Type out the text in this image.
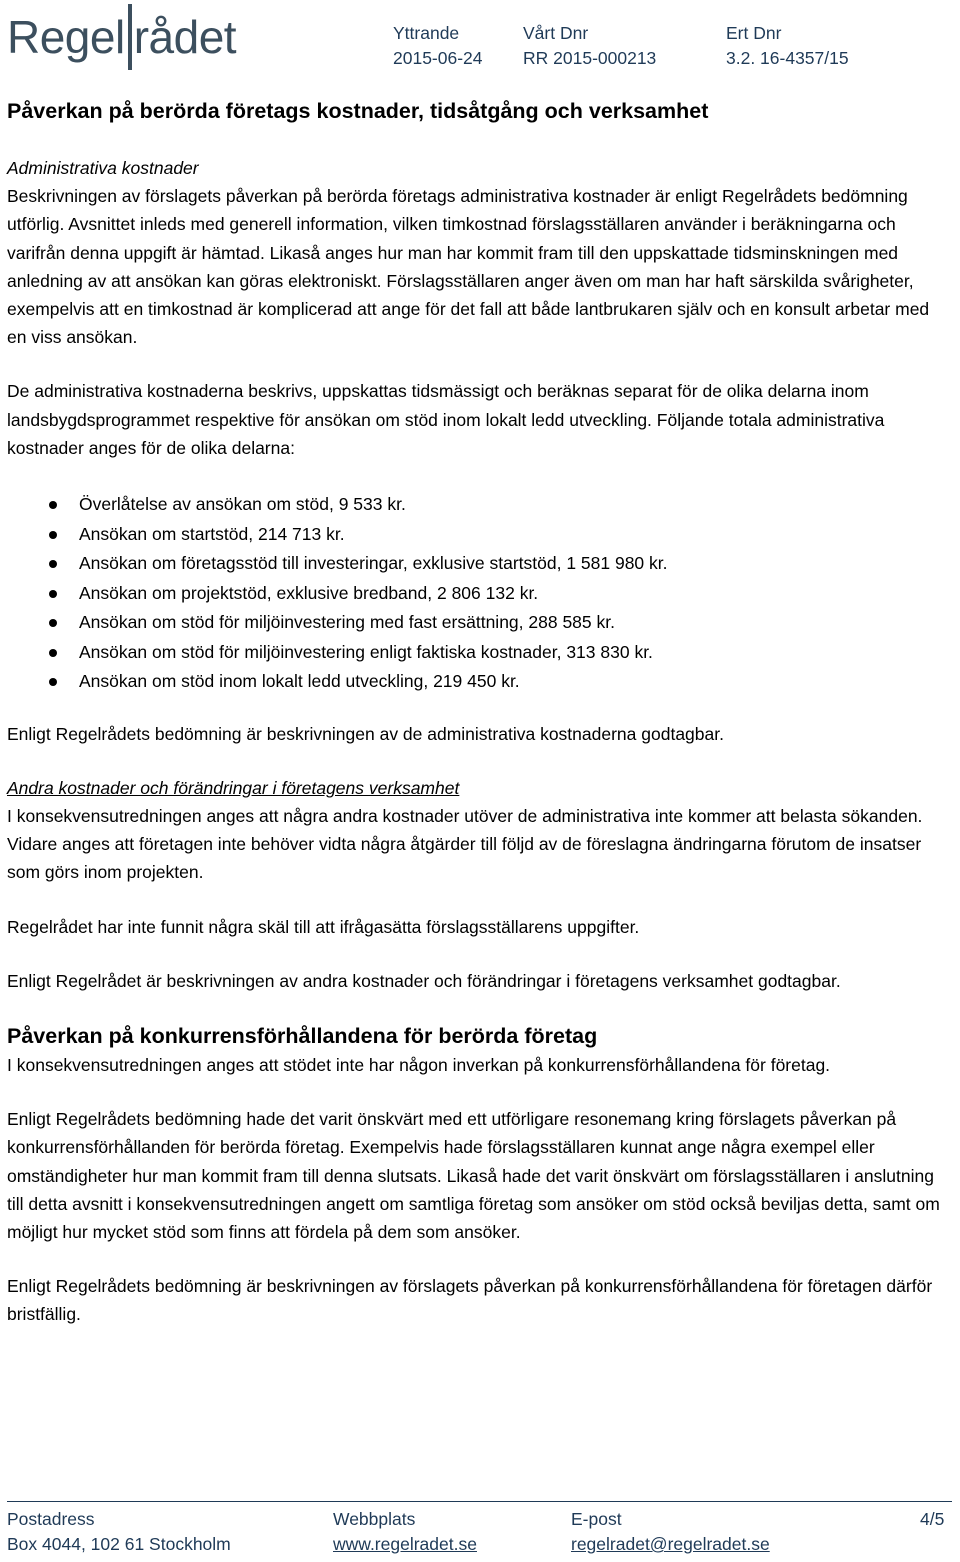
Regel rådet	Yttrande
2015-06-24
Vårt Dnr
RR 2015-000213
Ert Dnr
3.2. 16-4357/15
Påverkan på berörda företags kostnader, tidsåtgång och verksamhet

Administrativa kostnader

Beskrivningen av förslagets påverkan på berörda företags administrativa kostnader är enligt Regelrådets bedömning utförlig. Avsnittet inleds med generell information, vilken timkostnad förslagsställaren använder i beräkningarna och varifrån denna uppgift är hämtad. Likaså anges hur man har kommit fram till den uppskattade tidsminskningen med anledning av att ansökan kan göras elektroniskt. Förslagsställaren anger även om man har haft särskilda svårigheter, exempelvis att en timkostnad är komplicerad att ange för det fall att både lantbrukaren själv och en konsult arbetar med en viss ansökan.

De administrativa kostnaderna beskrivs, uppskattas tidsmässigt och beräknas separat för de olika delarna inom landsbygdsprogrammet respektive för ansökan om stöd inom lokalt ledd utveckling. Följande totala administrativa kostnader anges för de olika delarna:

Överlåtelse av ansökan om stöd, 9 533 kr.
Ansökan om startstöd, 214 713 kr.
Ansökan om företagsstöd till investeringar, exklusive startstöd, 1 581 980 kr.
Ansökan om projektstöd, exklusive bredband, 2 806 132 kr.
Ansökan om stöd för miljöinvestering med fast ersättning, 288 585 kr.
Ansökan om stöd för miljöinvestering enligt faktiska kostnader, 313 830 kr.
Ansökan om stöd inom lokalt ledd utveckling, 219 450 kr.

Enligt Regelrådets bedömning är beskrivningen av de administrativa kostnaderna godtagbar.

Andra kostnader och förändringar i företagens verksamhet

I konsekvensutredningen anges att några andra kostnader utöver de administrativa inte kommer att belasta sökanden. Vidare anges att företagen inte behöver vidta några åtgärder till följd av de föreslagna ändringarna förutom de insatser som görs inom projekten.

Regelrådet har inte funnit några skäl till att ifrågasätta förslagsställarens uppgifter.

Enligt Regelrådet är beskrivningen av andra kostnader och förändringar i företagens verksamhet godtagbar.

Påverkan på konkurrensförhållandena för berörda företag

I konsekvensutredningen anges att stödet inte har någon inverkan på konkurrensförhållandena för företag.

Enligt Regelrådets bedömning hade det varit önskvärt med ett utförligare resonemang kring förslagets påverkan på konkurrensförhållanden för berörda företag. Exempelvis hade förslagsställaren kunnat ange några exempel eller omständigheter hur man kommit fram till denna slutsats. Likaså hade det varit önskvärt om förslagsställaren i anslutning till detta avsnitt i konsekvensutredningen angett om samtliga företag som ansöker om stöd också beviljas detta, samt om möjligt hur mycket stöd som finns att fördela på dem som ansöker.

Enligt Regelrådets bedömning är beskrivningen av förslagets påverkan på konkurrensförhållandena för företagen därför bristfällig.

Postadress
Box 4044, 102 61 Stockholm
Webbplats
www.regelradet.se
E-post
regelradet@regelradet.se
4/5
